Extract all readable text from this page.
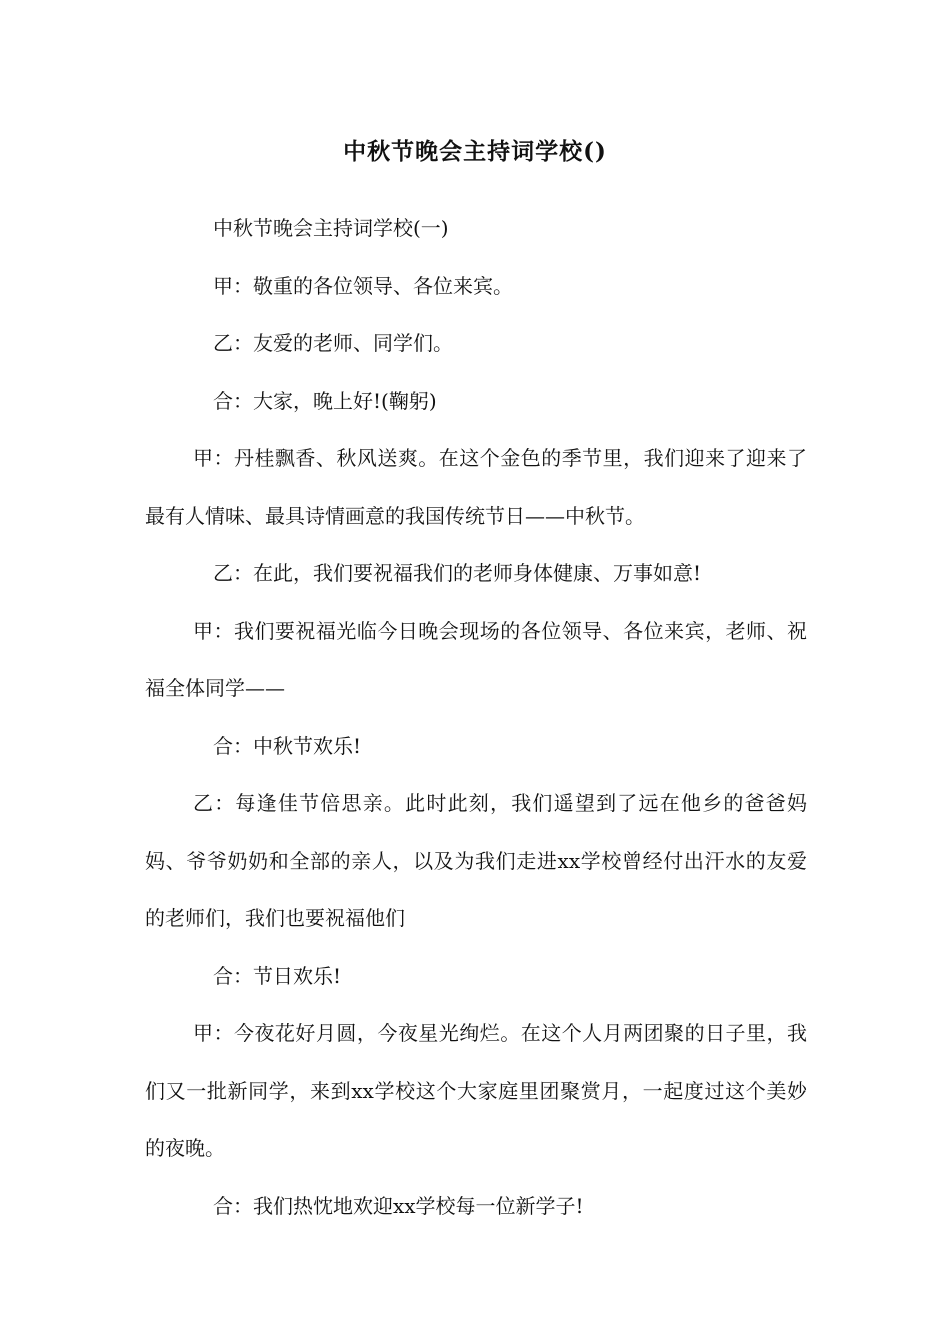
中秋节晚会主持词学校()

中秋节晚会主持词学校(一)

甲：敬重的各位领导、各位来宾。

乙：友爱的老师、同学们。

合：大家，晚上好!(鞠躬)

甲：丹桂飘香、秋风送爽。在这个金色的季节里，我们迎来了迎来了最有人情味、最具诗情画意的我国传统节日——中秋节。

乙：在此，我们要祝福我们的老师身体健康、万事如意!

甲：我们要祝福光临今日晚会现场的各位领导、各位来宾，老师、祝福全体同学——

合：中秋节欢乐!

乙：每逢佳节倍思亲。此时此刻，我们遥望到了远在他乡的爸爸妈妈、爷爷奶奶和全部的亲人，以及为我们走进xx学校曾经付出汗水的友爱的老师们，我们也要祝福他们

合：节日欢乐!

甲：今夜花好月圆，今夜星光绚烂。在这个人月两团聚的日子里，我们又一批新同学，来到xx学校这个大家庭里团聚赏月，一起度过这个美妙的夜晚。

合：我们热忱地欢迎xx学校每一位新学子!
